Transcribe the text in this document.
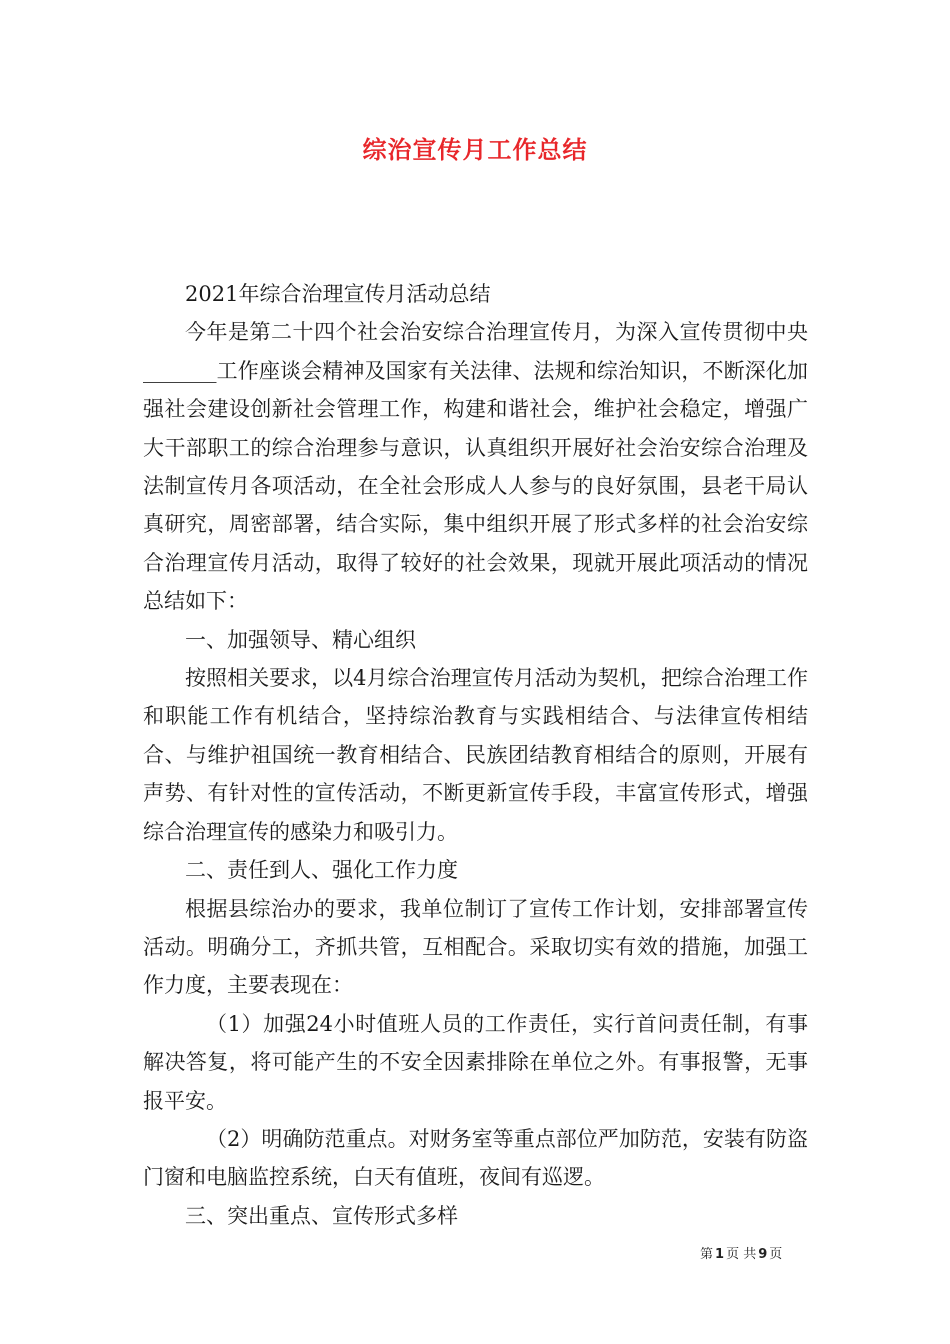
综治宣传月工作总结

2021年综合治理宣传月活动总结

今年是第二十四个社会治安综合治理宣传月，为深入宣传贯彻中央_______工作座谈会精神及国家有关法律、法规和综治知识，不断深化加强社会建设创新社会管理工作，构建和谐社会，维护社会稳定，增强广大干部职工的综合治理参与意识，认真组织开展好社会治安综合治理及法制宣传月各项活动，在全社会形成人人参与的良好氛围，县老干局认真研究，周密部署，结合实际，集中组织开展了形式多样的社会治安综合治理宣传月活动，取得了较好的社会效果，现就开展此项活动的情况总结如下：

一、加强领导、精心组织

按照相关要求，以4月综合治理宣传月活动为契机，把综合治理工作和职能工作有机结合，坚持综治教育与实践相结合、与法律宣传相结合、与维护祖国统一教育相结合、民族团结教育相结合的原则，开展有声势、有针对性的宣传活动，不断更新宣传手段，丰富宣传形式，增强综合治理宣传的感染力和吸引力。

二、责任到人、强化工作力度

根据县综治办的要求，我单位制订了宣传工作计划，安排部署宣传活动。明确分工，齐抓共管，互相配合。采取切实有效的措施，加强工作力度，主要表现在：

（1）加强24小时值班人员的工作责任，实行首问责任制，有事解决答复，将可能产生的不安全因素排除在单位之外。有事报警，无事报平安。

（2）明确防范重点。对财务室等重点部位严加防范，安装有防盗门窗和电脑监控系统，白天有值班，夜间有巡逻。

三、突出重点、宣传形式多样

第 1 页 共 9 页
